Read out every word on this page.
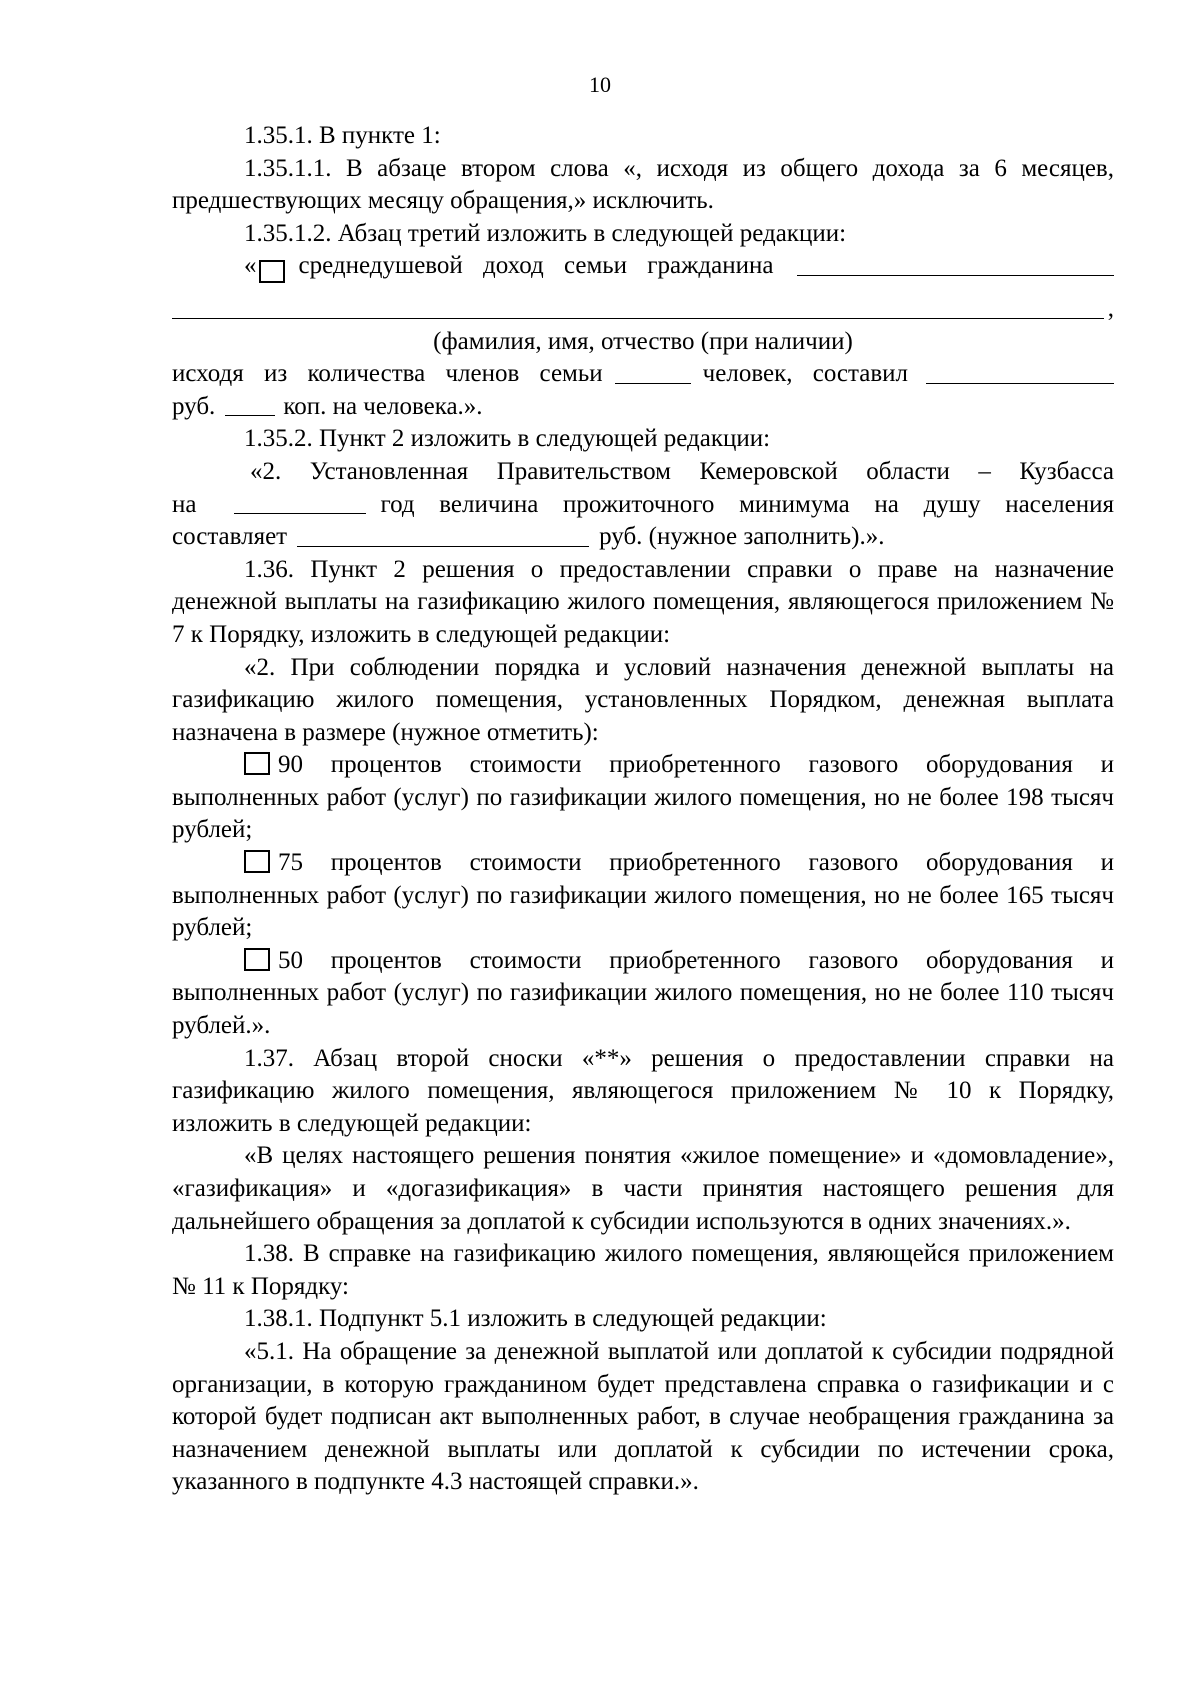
10

1.35.1. В пункте 1:

1.35.1.1. В абзаце втором слова «, исходя из общего дохода за 6 месяцев, предшествующих месяцу обращения,» исключить.

1.35.1.2. Абзац третий изложить в следующей редакции:

« среднедушевой доход семьи гражданина
,

(фамилия, имя, отчество (при наличии)

исходя из количества членов семьи	человек, составил
руб.	коп. на человека.».

1.35.2. Пункт 2 изложить в следующей редакции:

«2. Установленная Правительством Кемеровской области – Кузбасса

на	год величина прожиточного минимума на душу населения
составляет	руб. (нужное заполнить).».

1.36. Пункт 2 решения о предоставлении справки о праве на назначение денежной выплаты на газификацию жилого помещения, являющегося приложением № 7 к Порядку, изложить в следующей редакции:

«2. При соблюдении порядка и условий назначения денежной выплаты на газификацию жилого помещения, установленных Порядком, денежная выплата назначена в размере (нужное отметить):

90 процентов стоимости приобретенного газового оборудования и выполненных работ (услуг) по газификации жилого помещения, но не более 198 тысяч рублей;

75 процентов стоимости приобретенного газового оборудования и выполненных работ (услуг) по газификации жилого помещения, но не более 165 тысяч рублей;

50 процентов стоимости приобретенного газового оборудования и выполненных работ (услуг) по газификации жилого помещения, но не более 110 тысяч рублей.».

1.37. Абзац второй сноски «**» решения о предоставлении справки на газификацию жилого помещения, являющегося приложением № 10 к Порядку, изложить в следующей редакции:

«В целях настоящего решения понятия «жилое помещение» и «домовладение», «газификация» и «догазификация» в части принятия настоящего решения для дальнейшего обращения за доплатой к субсидии используются в одних значениях.».

1.38. В справке на газификацию жилого помещения, являющейся приложением № 11 к Порядку:

1.38.1. Подпункт 5.1 изложить в следующей редакции:

«5.1. На обращение за денежной выплатой или доплатой к субсидии подрядной организации, в которую гражданином будет представлена справка о газификации и с которой будет подписан акт выполненных работ, в случае необращения гражданина за назначением денежной выплаты или доплатой к субсидии по истечении срока, указанного в подпункте 4.3 настоящей справки.».
